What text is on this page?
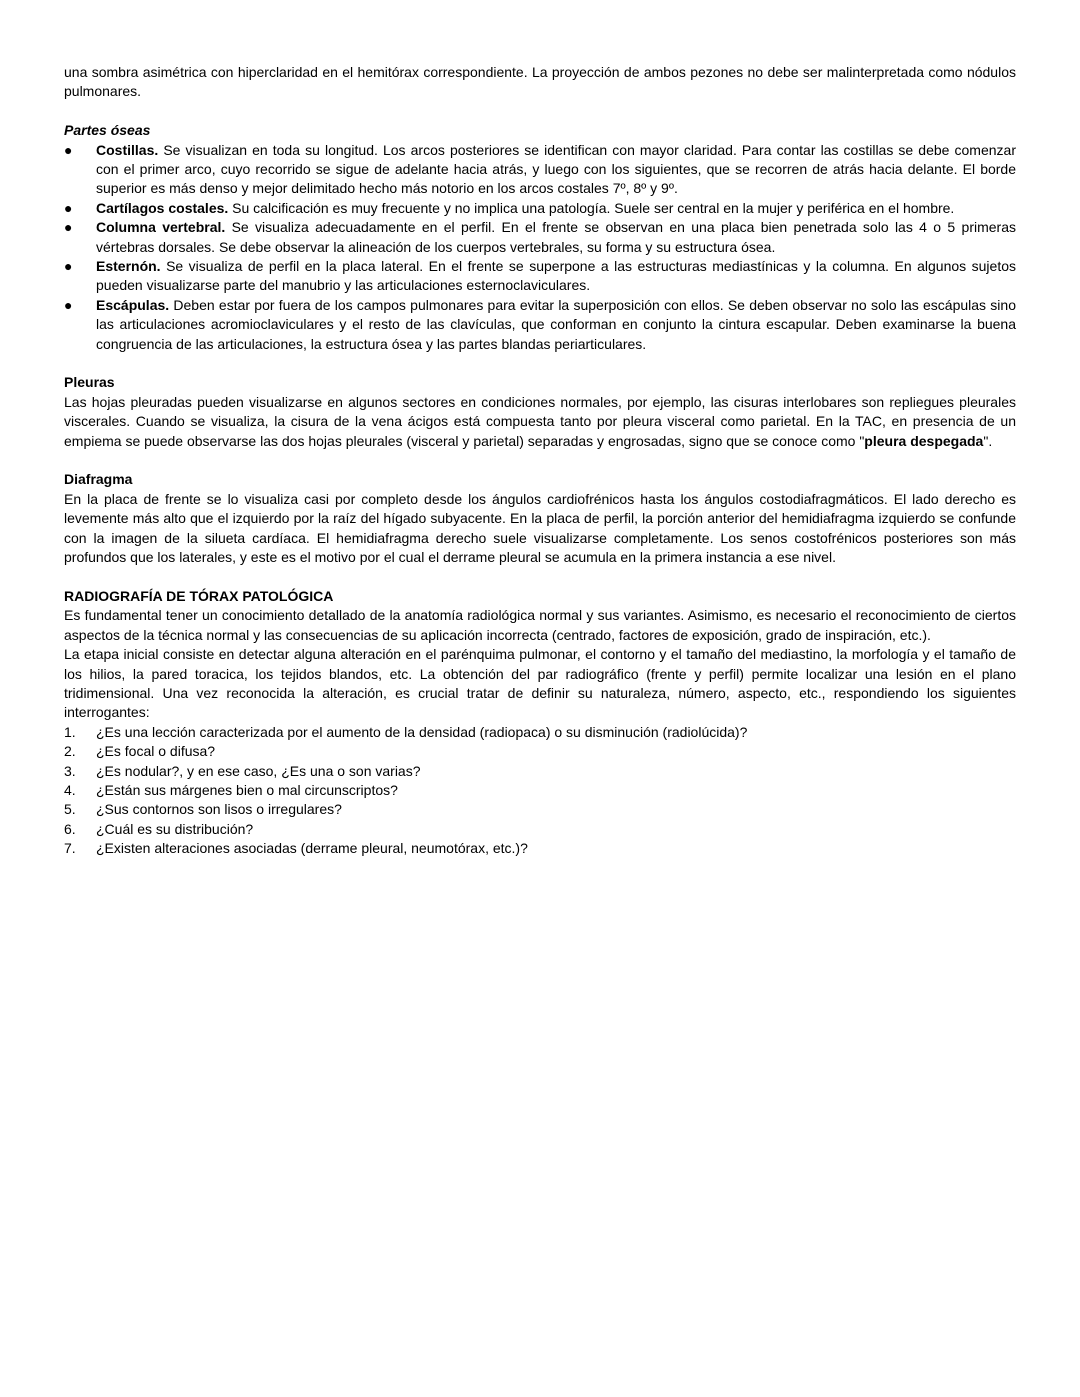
una sombra asimétrica con hiperclaridad en el hemitórax correspondiente. La proyección de ambos pezones no debe ser malinterpretada como nódulos pulmonares.

Partes óseas
●	Costillas. Se visualizan en toda su longitud. Los arcos posteriores se identifican con mayor claridad. Para contar las costillas se debe comenzar con el primer arco, cuyo recorrido se sigue de adelante hacia atrás, y luego con los siguientes, que se recorren de atrás hacia delante. El borde superior es más denso y mejor delimitado hecho más notorio en los arcos costales 7º, 8º y 9º.
●	Cartílagos costales. Su calcificación es muy frecuente y no implica una patología. Suele ser central en la mujer y periférica en el hombre.
●	Columna vertebral. Se visualiza adecuadamente en el perfil. En el frente se observan en una placa bien penetrada solo las 4 o 5 primeras vértebras dorsales. Se debe observar la alineación de los cuerpos vertebrales, su forma y su estructura ósea.
●	Esternón. Se visualiza de perfil en la placa lateral. En el frente se superpone a las estructuras mediastínicas y la columna. En algunos sujetos pueden visualizarse parte del manubrio y las articulaciones esternoclaviculares.
●	Escápulas. Deben estar por fuera de los campos pulmonares para evitar la superposición con ellos. Se deben observar no solo las escápulas sino las articulaciones acromioclaviculares y el resto de las clavículas, que conforman en conjunto la cintura escapular. Deben examinarse la buena congruencia de las articulaciones, la estructura ósea y las partes blandas periarticulares.
Pleuras

Las hojas pleuradas pueden visualizarse en algunos sectores en condiciones normales, por ejemplo, las cisuras interlobares son repliegues pleurales viscerales. Cuando se visualiza, la cisura de la vena ácigos está compuesta tanto por pleura visceral como parietal. En la TAC, en presencia de un empiema se puede observarse las dos hojas pleurales (visceral y parietal) separadas y engrosadas, signo que se conoce como "pleura despegada".

Diafragma

En la placa de frente se lo visualiza casi por completo desde los ángulos cardiofrénicos hasta los ángulos costodiafragmáticos. El lado derecho es levemente más alto que el izquierdo por la raíz del hígado subyacente. En la placa de perfil, la porción anterior del hemidiafragma izquierdo se confunde con la imagen de la silueta cardíaca. El hemidiafragma derecho suele visualizarse completamente. Los senos costofrénicos posteriores son más profundos que los laterales, y este es el motivo por el cual el derrame pleural se acumula en la primera instancia a ese nivel.

RADIOGRAFÍA DE TÓRAX PATOLÓGICA

Es fundamental tener un conocimiento detallado de la anatomía radiológica normal y sus variantes. Asimismo, es necesario el reconocimiento de ciertos aspectos de la técnica normal y las consecuencias de su aplicación incorrecta (centrado, factores de exposición, grado de inspiración, etc.).

La etapa inicial consiste en detectar alguna alteración en el parénquima pulmonar, el contorno y el tamaño del mediastino, la morfología y el tamaño de los hilios, la pared toracica, los tejidos blandos, etc. La obtención del par radiográfico (frente y perfil) permite localizar una lesión en el plano tridimensional. Una vez reconocida la alteración, es crucial tratar de definir su naturaleza, número, aspecto, etc., respondiendo los siguientes interrogantes:

1.	¿Es una lección caracterizada por el aumento de la densidad (radiopaca) o su disminución (radiolúcida)?
2.	¿Es focal o difusa?
3.	¿Es nodular?, y en ese caso, ¿Es una o son varias?
4.	¿Están sus márgenes bien o mal circunscriptos?
5.	¿Sus contornos son lisos o irregulares?
6.	¿Cuál es su distribución?
7.	¿Existen alteraciones asociadas (derrame pleural, neumotórax, etc.)?
